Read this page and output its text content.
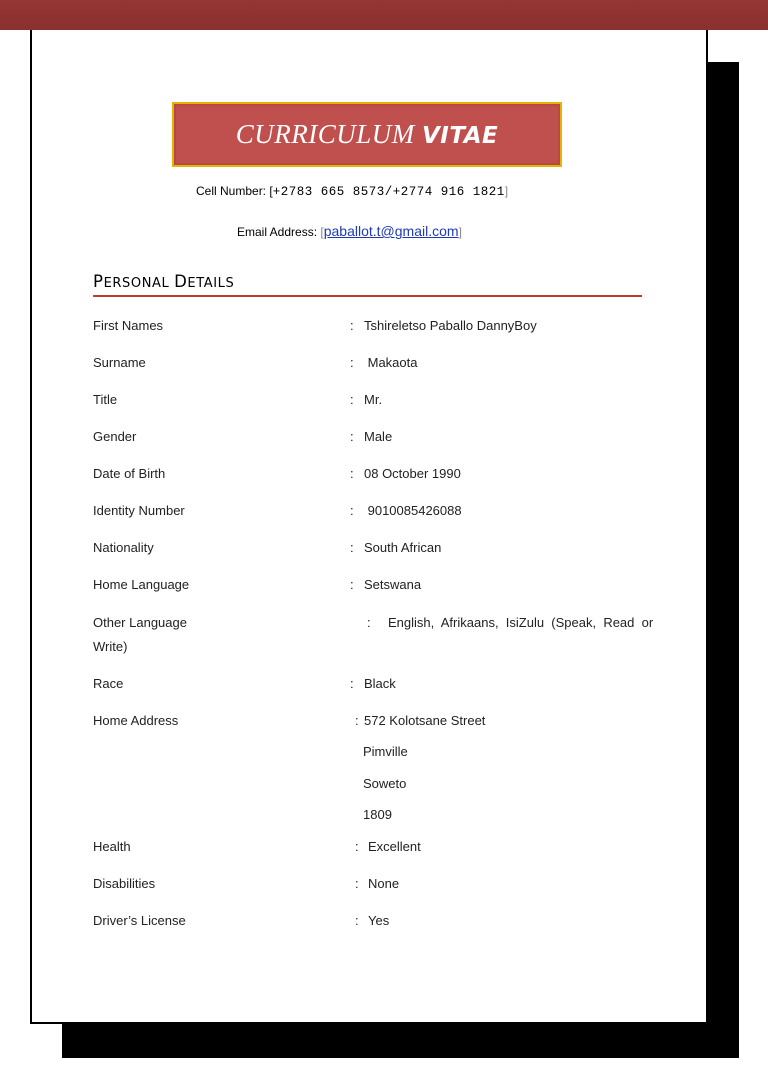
CURRICULUM VITAE
Cell Number: [+2783 665 8573/+2774 916 1821]
Email Address: [paballot.t@gmail.com]
PERSONAL DETAILS
First Names	: Tshireletso Paballo DannyBoy
Surname	: Makaota
Title	: Mr.
Gender	: Male
Date of Birth	: 08 October 1990
Identity Number	: 9010085426088
Nationality	: South African
Home Language	: Setswana
Other Language	: English,  Afrikaans,  IsiZulu  (Speak,  Read  or
Write)
Race	: Black
Home Address	: 572 Kolotsane Street
Pimville
Soweto
1809
Health	: Excellent
Disabilities	: None
Driver’s License	: Yes
